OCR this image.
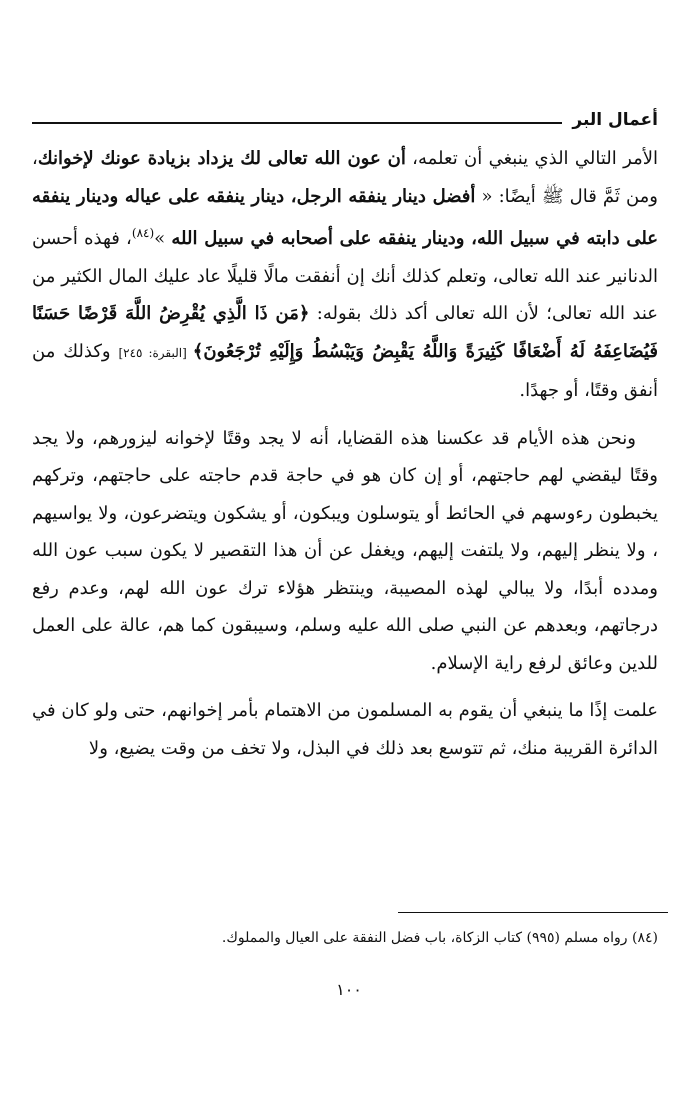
أعمال البر

الأمر التالي الذي ينبغي أن تعلمه، أن عون الله تعالى لك يزداد بزيادة عونك لإخوانك، ومن ثَمَّ قال ﷺ أيضًا: « أفضل دينار ينفقه الرجل، دينار ينفقه على عياله ودينار ينفقه على دابته في سبيل الله، ودينار ينفقه على أصحابه في سبيل الله »$^{(٨٤)}$، فهذه أحسن الدنانير عند الله تعالى، وتعلم كذلك أنك إن أنفقت مالًا قليلًا عاد عليك المال الكثير من عند الله تعالى؛ لأن الله تعالى أكد ذلك بقوله: ﴿مَن ذَا الَّذِي يُقْرِضُ اللَّهَ قَرْضًا حَسَنًا فَيُضَاعِفَهُ لَهُ أَضْعَافًا كَثِيرَةً وَاللَّهُ يَقْبِضُ وَيَبْسُطُ وَإِلَيْهِ تُرْجَعُونَ﴾ [البقرة: ٢٤٥] وكذلك من أنفق وقتًا، أو جهدًا.

ونحن هذه الأيام قد عكسنا هذه القضايا، أنه لا يجد وقتًا لإخوانه ليزورهم، ولا يجد وقتًا ليقضي لهم حاجتهم، أو إن كان هو في حاجة قدم حاجته على حاجتهم، وتركهم يخبطون رءوسهم في الحائط أو يتوسلون ويبكون، أو يشكون ويتضرعون، ولا يواسيهم ، ولا ينظر إليهم، ولا يلتفت إليهم، ويغفل عن أن هذا التقصير لا يكون سبب عون الله ومدده أبدًا، ولا يبالي لهذه المصيبة، وينتظر هؤلاء ترك عون الله لهم، وعدم رفع درجاتهم، وبعدهم عن النبي صلى الله عليه وسلم، وسيبقون كما هم، عالة على العمل للدين وعائق لرفع راية الإسلام.

علمت إذًا ما ينبغي أن يقوم به المسلمون من الاهتمام بأمر إخوانهم، حتى ولو كان في الدائرة القريبة منك، ثم تتوسع بعد ذلك في البذل، ولا تخف من وقت يضيع، ولا

(٨٤) رواه مسلم (٩٩٥) كتاب الزكاة، باب فضل النفقة على العيال والمملوك.
١٠٠
